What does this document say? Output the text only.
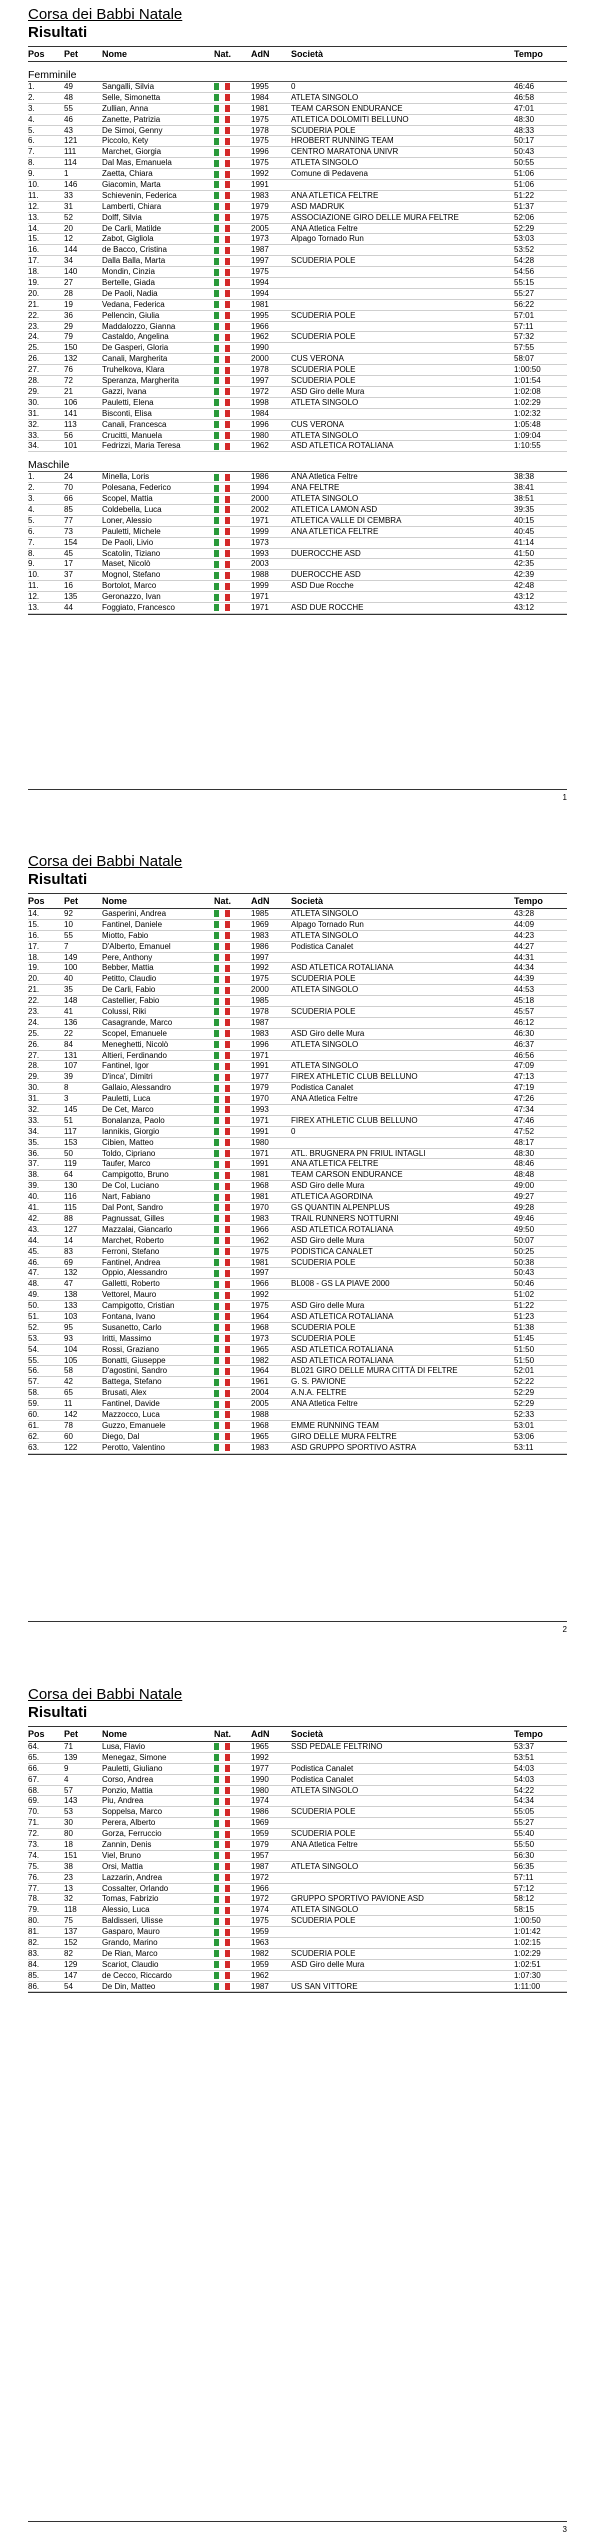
Corsa dei Babbi Natale
Risultati
Pos	Pet	Nome	Nat.	AdN	Società	Tempo
Femminile
1.	49	Sangalli, Silvia	1995	0	46:46
2.	48	Selle, Simonetta	1984	ATLETA SINGOLO	46:58
3.	55	Zullian, Anna	1981	TEAM CARSON ENDURANCE	47:01
4.	46	Zanette, Patrizia	1975	ATLETICA DOLOMITI BELLUNO	48:30
5.	43	De Simoi, Genny	1978	SCUDERIA POLE	48:33
6.	121	Piccolo, Kety	1975	HROBERT RUNNING TEAM	50:17
7.	111	Marchet, Giorgia	1996	CENTRO MARATONA UNIVR	50:43
8.	114	Dal Mas, Emanuela	1975	ATLETA SINGOLO	50:55
9.	1	Zaetta, Chiara	1992	Comune di Pedavena	51:06
10.	146	Giacomin, Marta	1991	51:06
11.	33	Schievenin, Federica	1983	ANA ATLETICA FELTRE	51:22
12.	31	Lamberti, Chiara	1979	ASD MADRUK	51:37
13.	52	Dolff, Silvia	1975	ASSOCIAZIONE GIRO DELLE MURA FELTRE	52:06
14.	20	De Carli, Matilde	2005	ANA Atletica Feltre	52:29
15.	12	Zabot, Gigliola	1973	Alpago Tornado Run	53:03
16.	144	de Bacco, Cristina	1987	53:52
17.	34	Dalla Balla, Marta	1997	SCUDERIA POLE	54:28
18.	140	Mondin, Cinzia	1975	54:56
19.	27	Bertelle, Giada	1994	55:15
20.	28	De Paoli, Nadia	1994	55:27
21.	19	Vedana, Federica	1981	56:22
22.	36	Pellencin, Giulia	1995	SCUDERIA POLE	57:01
23.	29	Maddalozzo, Gianna	1966	57:11
24.	79	Castaldo, Angelina	1962	SCUDERIA POLE	57:32
25.	150	De Gasperi, Gloria	1990	57:55
26.	132	Canali, Margherita	2000	CUS VERONA	58:07
27.	76	Truhelkova, Klara	1978	SCUDERIA POLE	1:00:50
28.	72	Speranza, Margherita	1997	SCUDERIA POLE	1:01:54
29.	21	Gazzi, Ivana	1972	ASD Giro delle Mura	1:02:08
30.	106	Pauletti, Elena	1998	ATLETA SINGOLO	1:02:29
31.	141	Bisconti, Elisa	1984	1:02:32
32.	113	Canali, Francesca	1996	CUS VERONA	1:05:48
33.	56	Crucitti, Manuela	1980	ATLETA SINGOLO	1:09:04
34.	101	Fedrizzi, Maria Teresa	1962	ASD ATLETICA ROTALIANA	1:10:55
Maschile
1.	24	Minella, Loris	1986	ANA Atletica Feltre	38:38
2.	70	Polesana, Federico	1994	ANA FELTRE	38:41
3.	66	Scopel, Mattia	2000	ATLETA SINGOLO	38:51
4.	85	Coldebella, Luca	2002	ATLETICA LAMON ASD	39:35
5.	77	Loner, Alessio	1971	ATLETICA VALLE DI CEMBRA	40:15
6.	73	Pauletti, Michele	1999	ANA ATLETICA FELTRE	40:45
7.	154	De Paoli, Livio	1973	41:14
8.	45	Scatolin, Tiziano	1993	DUEROCCHE ASD	41:50
9.	17	Maset, Nicolò	2003	42:35
10.	37	Mognol, Stefano	1988	DUEROCCHE ASD	42:39
11.	16	Bortolot, Marco	1999	ASD Due Rocche	42:48
12.	135	Geronazzo, Ivan	1971	43:12
13.	44	Foggiato, Francesco	1971	ASD DUE ROCCHE	43:12
1
Corsa dei Babbi Natale
Risultati
Pos	Pet	Nome	Nat.	AdN	Società	Tempo
14.	92	Gasperini, Andrea	1985	ATLETA SINGOLO	43:28
15.	10	Fantinel, Daniele	1969	Alpago Tornado Run	44:09
16.	55	Miotto, Fabio	1983	ATLETA SINGOLO	44:23
17.	7	D'Alberto, Emanuel	1986	Podistica Canalet	44:27
18.	149	Pere, Anthony	1997	44:31
19.	100	Bebber, Mattia	1992	ASD ATLETICA ROTALIANA	44:34
20.	40	Petitto, Claudio	1975	SCUDERIA POLE	44:39
21.	35	De Carli, Fabio	2000	ATLETA SINGOLO	44:53
22.	148	Castellier, Fabio	1985	45:18
23.	41	Colussi, Riki	1978	SCUDERIA POLE	45:57
24.	136	Casagrande, Marco	1987	46:12
25.	22	Scopel, Emanuele	1983	ASD Giro delle Mura	46:30
26.	84	Meneghetti, Nicolò	1996	ATLETA SINGOLO	46:37
27.	131	Altieri, Ferdinando	1971	46:56
28.	107	Fantinel, Igor	1991	ATLETA SINGOLO	47:09
29.	39	D'inca', Dimitri	1977	FIREX ATHLETIC CLUB BELLUNO	47:13
30.	8	Gallaio, Alessandro	1979	Podistica Canalet	47:19
31.	3	Pauletti, Luca	1970	ANA Atletica Feltre	47:26
32.	145	De Cet, Marco	1993	47:34
33.	51	Bonalanza, Paolo	1971	FIREX ATHLETIC CLUB BELLUNO	47:46
34.	117	Iannikis, Giorgio	1991	0	47:52
35.	153	Cibien, Matteo	1980	48:17
36.	50	Toldo, Cipriano	1971	ATL. BRUGNERA PN FRIUL INTAGLI	48:30
37.	119	Taufer, Marco	1991	ANA ATLETICA FELTRE	48:46
38.	64	Campigotto, Bruno	1981	TEAM CARSON ENDURANCE	48:48
39.	130	De Col, Luciano	1968	ASD Giro delle Mura	49:00
40.	116	Nart, Fabiano	1981	ATLETICA AGORDINA	49:27
41.	115	Dal Pont, Sandro	1970	GS QUANTIN ALPENPLUS	49:28
42.	88	Pagnussat, Gilles	1983	TRAIL RUNNERS NOTTURNI	49:46
43.	127	Mazzalai, Giancarlo	1966	ASD ATLETICA ROTALIANA	49:50
44.	14	Marchet, Roberto	1962	ASD Giro delle Mura	50:07
45.	83	Ferroni, Stefano	1975	PODISTICA CANALET	50:25
46.	69	Fantinel, Andrea	1981	SCUDERIA POLE	50:38
47.	132	Oppio, Alessandro	1997	50:43
48.	47	Galletti, Roberto	1966	BL008 - GS LA PIAVE 2000	50:46
49.	138	Vettorel, Mauro	1992	51:02
50.	133	Campigotto, Cristian	1975	ASD Giro delle Mura	51:22
51.	103	Fontana, Ivano	1964	ASD ATLETICA ROTALIANA	51:23
52.	95	Susanetto, Carlo	1968	SCUDERIA POLE	51:38
53.	93	Iritti, Massimo	1973	SCUDERIA POLE	51:45
54.	104	Rossi, Graziano	1965	ASD ATLETICA ROTALIANA	51:50
55.	105	Bonatti, Giuseppe	1982	ASD ATLETICA ROTALIANA	51:50
56.	58	D'agostini, Sandro	1964	BL021 GIRO DELLE MURA CITTÀ DI FELTRE	52:01
57.	42	Battega, Stefano	1961	G. S. PAVIONE	52:22
58.	65	Brusati, Alex	2004	A.N.A. FELTRE	52:29
59.	11	Fantinel, Davide	2005	ANA Atletica Feltre	52:29
60.	142	Mazzocco, Luca	1988	52:33
61.	78	Guzzo, Emanuele	1968	EMME RUNNING TEAM	53:01
62.	60	Diego, Dal	1965	GIRO DELLE MURA FELTRE	53:06
63.	122	Perotto, Valentino	1983	ASD GRUPPO SPORTIVO ASTRA	53:11
2
Corsa dei Babbi Natale
Risultati
Pos	Pet	Nome	Nat.	AdN	Società	Tempo
64.	71	Lusa, Flavio	1965	SSD PEDALE FELTRINO	53:37
65.	139	Menegaz, Simone	1992	53:51
66.	9	Pauletti, Giuliano	1977	Podistica Canalet	54:03
67.	4	Corso, Andrea	1990	Podistica Canalet	54:03
68.	57	Ponzio, Mattia	1980	ATLETA SINGOLO	54:22
69.	143	Piu, Andrea	1974	54:34
70.	53	Soppelsa, Marco	1986	SCUDERIA POLE	55:05
71.	30	Perera, Alberto	1969	55:27
72.	80	Gorza, Ferruccio	1959	SCUDERIA POLE	55:40
73.	18	Zannin, Denis	1979	ANA Atletica Feltre	55:50
74.	151	Viel, Bruno	1957	56:30
75.	38	Orsi, Mattia	1987	ATLETA SINGOLO	56:35
76.	23	Lazzarin, Andrea	1972	57:11
77.	13	Cossalter, Orlando	1966	57:12
78.	32	Tomas, Fabrizio	1972	GRUPPO SPORTIVO PAVIONE ASD	58:12
79.	118	Alessio, Luca	1974	ATLETA SINGOLO	58:15
80.	75	Baldisseri, Ulisse	1975	SCUDERIA POLE	1:00:50
81.	137	Gasparo, Mauro	1959	1:01:42
82.	152	Grando, Marino	1963	1:02:15
83.	82	De Rian, Marco	1982	SCUDERIA POLE	1:02:29
84.	129	Scariot, Claudio	1959	ASD Giro delle Mura	1:02:51
85.	147	de Cecco, Riccardo	1962	1:07:30
86.	54	De Din, Matteo	1987	US SAN VITTORE	1:11:00
3
